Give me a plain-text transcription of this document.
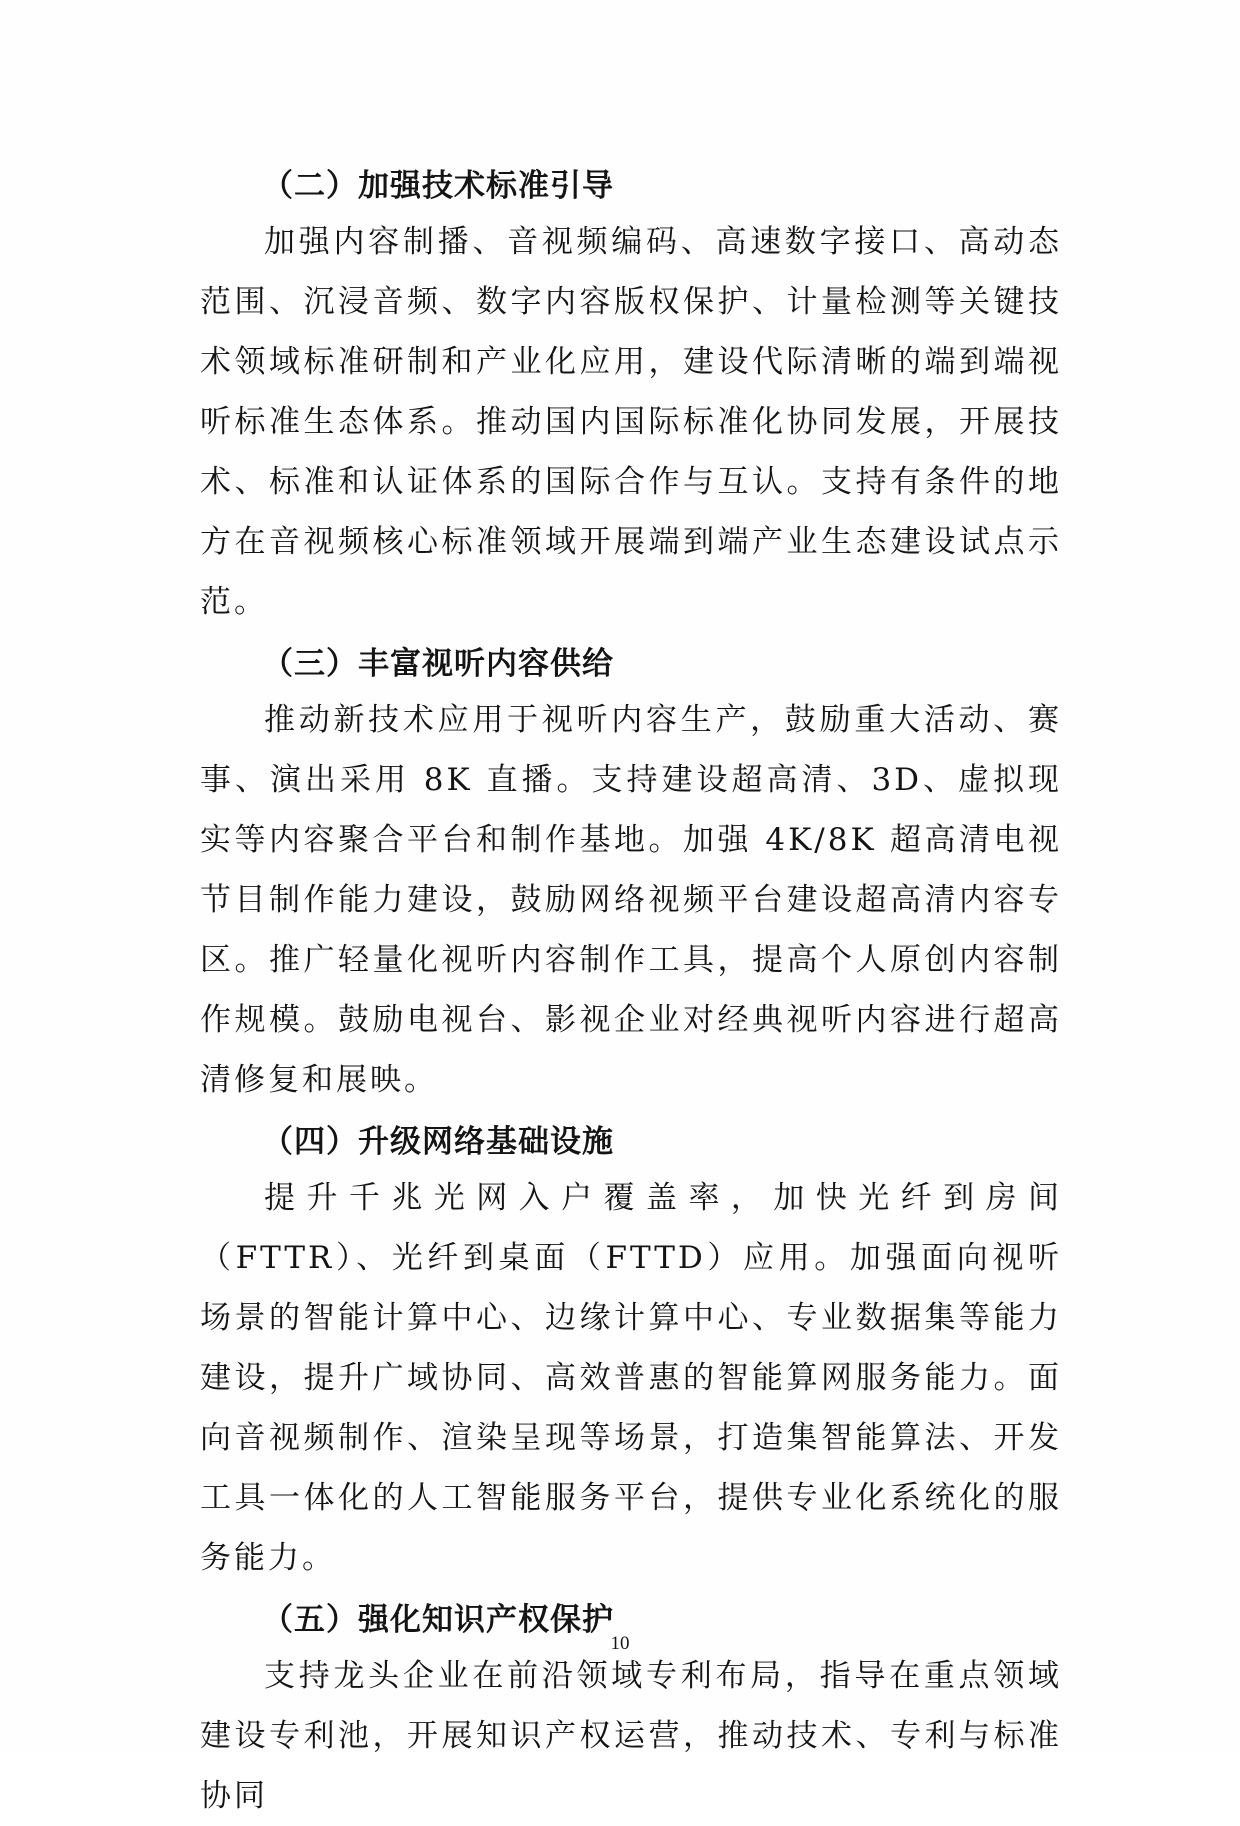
（二）加强技术标准引导

加强内容制播、音视频编码、高速数字接口、高动态范围、沉浸音频、数字内容版权保护、计量检测等关键技术领域标准研制和产业化应用，建设代际清晰的端到端视听标准生态体系。推动国内国际标准化协同发展，开展技术、标准和认证体系的国际合作与互认。支持有条件的地方在音视频核心标准领域开展端到端产业生态建设试点示范。

（三）丰富视听内容供给

推动新技术应用于视听内容生产，鼓励重大活动、赛事、演出采用 8K 直播。支持建设超高清、3D、虚拟现实等内容聚合平台和制作基地。加强 4K/8K 超高清电视节目制作能力建设，鼓励网络视频平台建设超高清内容专区。推广轻量化视听内容制作工具，提高个人原创内容制作规模。鼓励电视台、影视企业对经典视听内容进行超高清修复和展映。

（四）升级网络基础设施

提升千兆光网入户覆盖率，加快光纤到房间（FTTR）、光纤到桌面（FTTD）应用。加强面向视听场景的智能计算中心、边缘计算中心、专业数据集等能力建设，提升广域协同、高效普惠的智能算网服务能力。面向音视频制作、渲染呈现等场景，打造集智能算法、开发工具一体化的人工智能服务平台，提供专业化系统化的服务能力。

（五）强化知识产权保护

支持龙头企业在前沿领域专利布局，指导在重点领域建设专利池，开展知识产权运营，推动技术、专利与标准协同

10
